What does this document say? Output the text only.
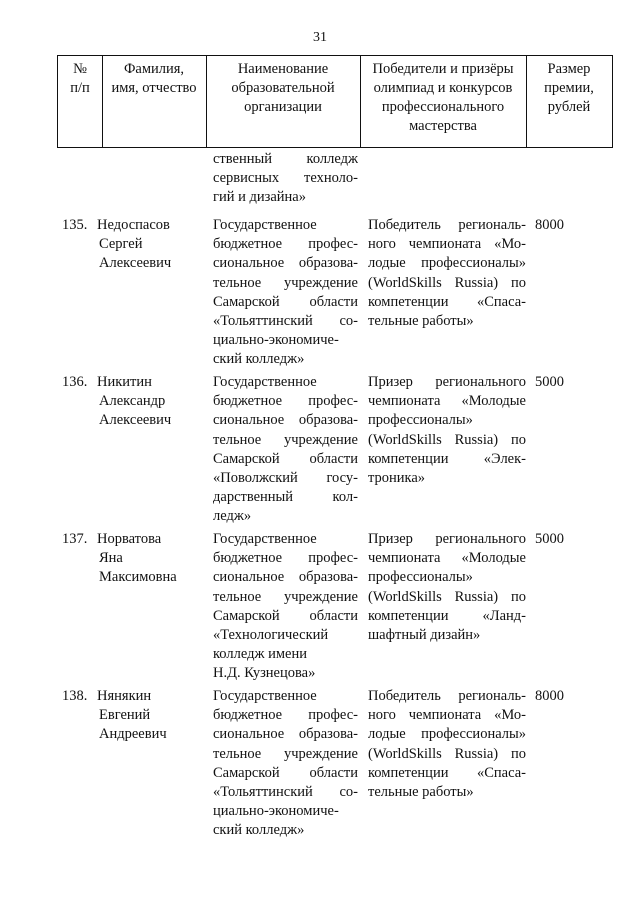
31
№
п/п
Фамилия,
имя, отчество
Наименование
образовательной
организации
Победители и призёры
олимпиад и конкурсов
профессионального
мастерства
Размер
премии,
рублей
ственный колледж
сервисных техноло-
гий и дизайна»
135. Недоспасов
Сергей
Алексеевич
Государственное
бюджетное профес-
сиональное образова-
тельное учреждение
Самарской области
«Тольяттинский со-
циально-экономиче-
ский колледж»
Победитель региональ-
ного чемпионата «Мо-
лодые профессионалы»
(WorldSkills Russia) по
компетенции «Спаса-
тельные работы»
8000
136. Никитин
Александр
Алексеевич
Государственное
бюджетное профес-
сиональное образова-
тельное учреждение
Самарской области
«Поволжский госу-
дарственный кол-
ледж»
Призер регионального
чемпионата «Молодые
профессионалы»
(WorldSkills Russia) по
компетенции «Элек-
троника»
5000
137. Норватова
Яна
Максимовна
Государственное
бюджетное профес-
сиональное образова-
тельное учреждение
Самарской области
«Технологический
колледж имени
Н.Д. Кузнецова»
Призер регионального
чемпионата «Молодые
профессионалы»
(WorldSkills Russia) по
компетенции «Ланд-
шафтный дизайн»
5000
138. Нянякин
Евгений
Андреевич
Государственное
бюджетное профес-
сиональное образова-
тельное учреждение
Самарской области
«Тольяттинский со-
циально-экономиче-
ский колледж»
Победитель региональ-
ного чемпионата «Мо-
лодые профессионалы»
(WorldSkills Russia) по
компетенции «Спаса-
тельные работы»
8000
